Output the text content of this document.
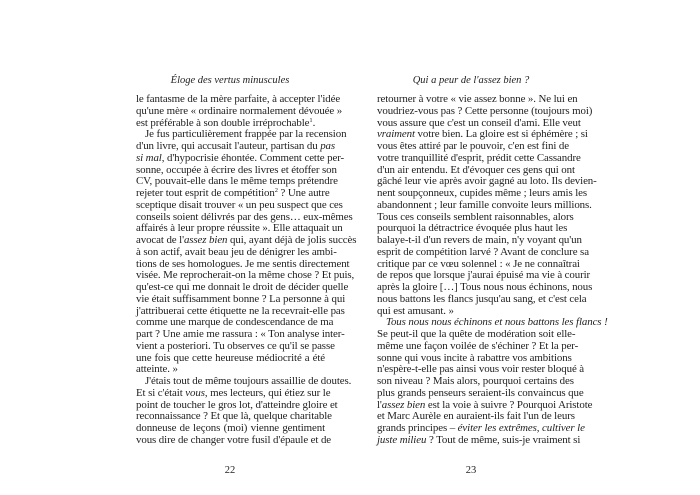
Éloge des vertus minuscules
le fantasme de la mère parfaite, à accepter l'idée
qu'une mère « ordinaire normalement dévouée »
est préférable à son double irréprochable$^1$.
Je fus particulièrement frappée par la recension
d'un livre, qui accusait l'auteur, partisan du pas
si mal, d'hypocrisie éhontée. Comment cette per-
sonne, occupée à écrire des livres et étoffer son
CV, pouvait-elle dans le même temps prétendre
rejeter tout esprit de compétition$^2$ ? Une autre
sceptique disait trouver « un peu suspect que ces
conseils soient délivrés par des gens… eux-mêmes
affairés à leur propre réussite ». Elle attaquait un
avocat de l'assez bien qui, ayant déjà de jolis succès
à son actif, avait beau jeu de dénigrer les ambi-
tions de ses homologues. Je me sentis directement
visée. Me reprocherait-on la même chose ? Et puis,
qu'est-ce qui me donnait le droit de décider quelle
vie était suffisamment bonne ? La personne à qui
j'attribuerai cette étiquette ne la recevrait-elle pas
comme une marque de condescendance de ma
part ? Une amie me rassura : « Ton analyse inter-
vient a posteriori. Tu observes ce qu'il se passe
une fois que cette heureuse médiocrité a été
atteinte. »
J'étais tout de même toujours assaillie de doutes.
Et si c'était vous, mes lecteurs, qui étiez sur le
point de toucher le gros lot, d'atteindre gloire et
reconnaissance ? Et que là, quelque charitable
donneuse de leçons (moi) vienne gentiment
vous dire de changer votre fusil d'épaule et de
22
Qui a peur de l'assez bien ?
retourner à votre « vie assez bonne ». Ne lui en
voudriez-vous pas ? Cette personne (toujours moi)
vous assure que c'est un conseil d'ami. Elle veut
vraiment votre bien. La gloire est si éphémère ; si
vous êtes attiré par le pouvoir, c'en est fini de
votre tranquillité d'esprit, prédit cette Cassandre
d'un air entendu. Et d'évoquer ces gens qui ont
gâché leur vie après avoir gagné au loto. Ils devien-
nent soupçonneux, cupides même ; leurs amis les
abandonnent ; leur famille convoite leurs millions.
Tous ces conseils semblent raisonnables, alors
pourquoi la détractrice évoquée plus haut les
balaye-t-il d'un revers de main, n'y voyant qu'un
esprit de compétition larvé ? Avant de conclure sa
critique par ce vœu solennel : « Je ne connaîtrai
de repos que lorsque j'aurai épuisé ma vie à courir
après la gloire […] Tous nous nous échinons, nous
nous battons les flancs jusqu'au sang, et c'est cela
qui est amusant. »
Tous nous nous échinons et nous battons les flancs !
Se peut-il que la quête de modération soit elle-
même une façon voilée de s'échiner ? Et la per-
sonne qui vous incite à rabattre vos ambitions
n'espère-t-elle pas ainsi vous voir rester bloqué à
son niveau ? Mais alors, pourquoi certains des
plus grands penseurs seraient-ils convaincus que
l'assez bien est la voie à suivre ? Pourquoi Aristote
et Marc Aurèle en auraient-ils fait l'un de leurs
grands principes – éviter les extrêmes, cultiver le
juste milieu ? Tout de même, suis-je vraiment si
23
